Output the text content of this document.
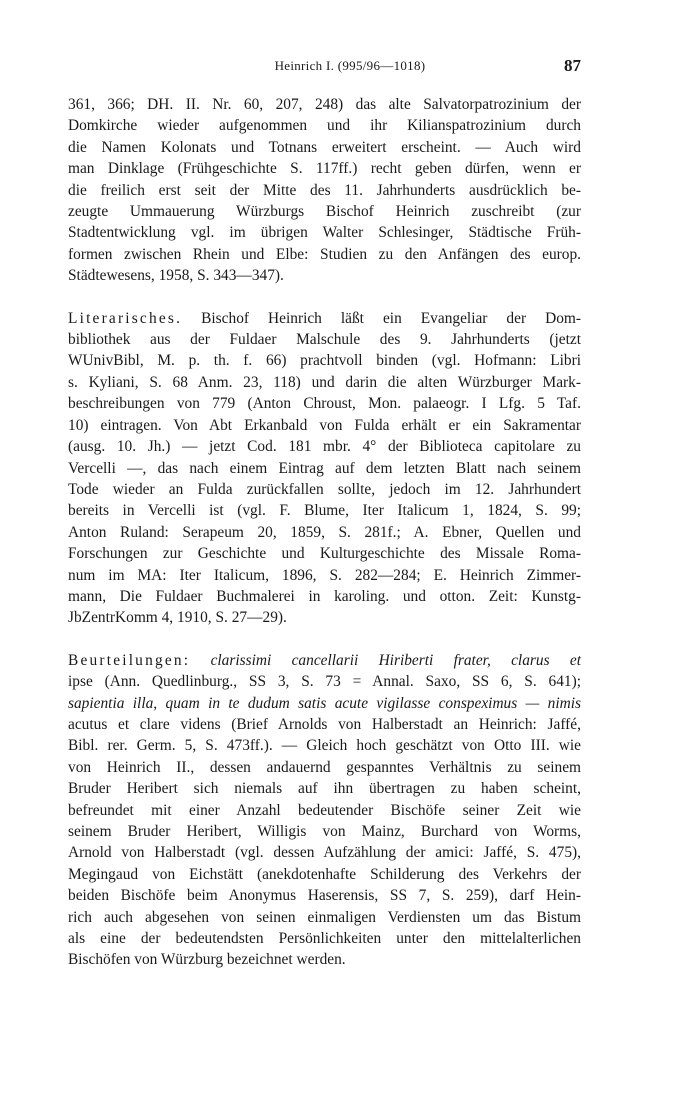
Heinrich I. (995/96—1018)	87
361, 366; DH. II. Nr. 60, 207, 248) das alte Salvatorpatrozinium der
Domkirche wieder aufgenommen und ihr Kilianspatrozinium durch
die Namen Kolonats und Totnans erweitert erscheint. — Auch wird
man Dinklage (Frühgeschichte S. 117ff.) recht geben dürfen, wenn er
die freilich erst seit der Mitte des 11. Jahrhunderts ausdrücklich be-
zeugte Ummauerung Würzburgs Bischof Heinrich zuschreibt (zur
Stadtentwicklung vgl. im übrigen Walter Schlesinger, Städtische Früh-
formen zwischen Rhein und Elbe: Studien zu den Anfängen des europ.
Städtewesens, 1958, S. 343—347).
Literarisches. Bischof Heinrich läßt ein Evangeliar der Dom-
bibliothek aus der Fuldaer Malschule des 9. Jahrhunderts (jetzt
WUnivBibl, M. p. th. f. 66) prachtvoll binden (vgl. Hofmann: Libri
s. Kyliani, S. 68 Anm. 23, 118) und darin die alten Würzburger Mark-
beschreibungen von 779 (Anton Chroust, Mon. palaeogr. I Lfg. 5 Taf.
10) eintragen. Von Abt Erkanbald von Fulda erhält er ein Sakramentar
(ausg. 10. Jh.) — jetzt Cod. 181 mbr. 4° der Biblioteca capitolare zu
Vercelli —, das nach einem Eintrag auf dem letzten Blatt nach seinem
Tode wieder an Fulda zurückfallen sollte, jedoch im 12. Jahrhundert
bereits in Vercelli ist (vgl. F. Blume, Iter Italicum 1, 1824, S. 99;
Anton Ruland: Serapeum 20, 1859, S. 281f.; A. Ebner, Quellen und
Forschungen zur Geschichte und Kulturgeschichte des Missale Roma-
num im MA: Iter Italicum, 1896, S. 282—284; E. Heinrich Zimmer-
mann, Die Fuldaer Buchmalerei in karoling. und otton. Zeit: Kunstg-
JbZentrKomm 4, 1910, S. 27—29).
Beurteilungen: clarissimi cancellarii Hiriberti frater, clarus et
ipse (Ann. Quedlinburg., SS 3, S. 73 = Annal. Saxo, SS 6, S. 641);
sapientia illa, quam in te dudum satis acute vigilasse conspeximus — nimis
acutus et clare videns (Brief Arnolds von Halberstadt an Heinrich: Jaffé,
Bibl. rer. Germ. 5, S. 473ff.). — Gleich hoch geschätzt von Otto III. wie
von Heinrich II., dessen andauernd gespanntes Verhältnis zu seinem
Bruder Heribert sich niemals auf ihn übertragen zu haben scheint,
befreundet mit einer Anzahl bedeutender Bischöfe seiner Zeit wie
seinem Bruder Heribert, Willigis von Mainz, Burchard von Worms,
Arnold von Halberstadt (vgl. dessen Aufzählung der amici: Jaffé, S. 475),
Megingaud von Eichstätt (anekdotenhafte Schilderung des Verkehrs der
beiden Bischöfe beim Anonymus Haserensis, SS 7, S. 259), darf Hein-
rich auch abgesehen von seinen einmaligen Verdiensten um das Bistum
als eine der bedeutendsten Persönlichkeiten unter den mittelalterlichen
Bischöfen von Würzburg bezeichnet werden.
